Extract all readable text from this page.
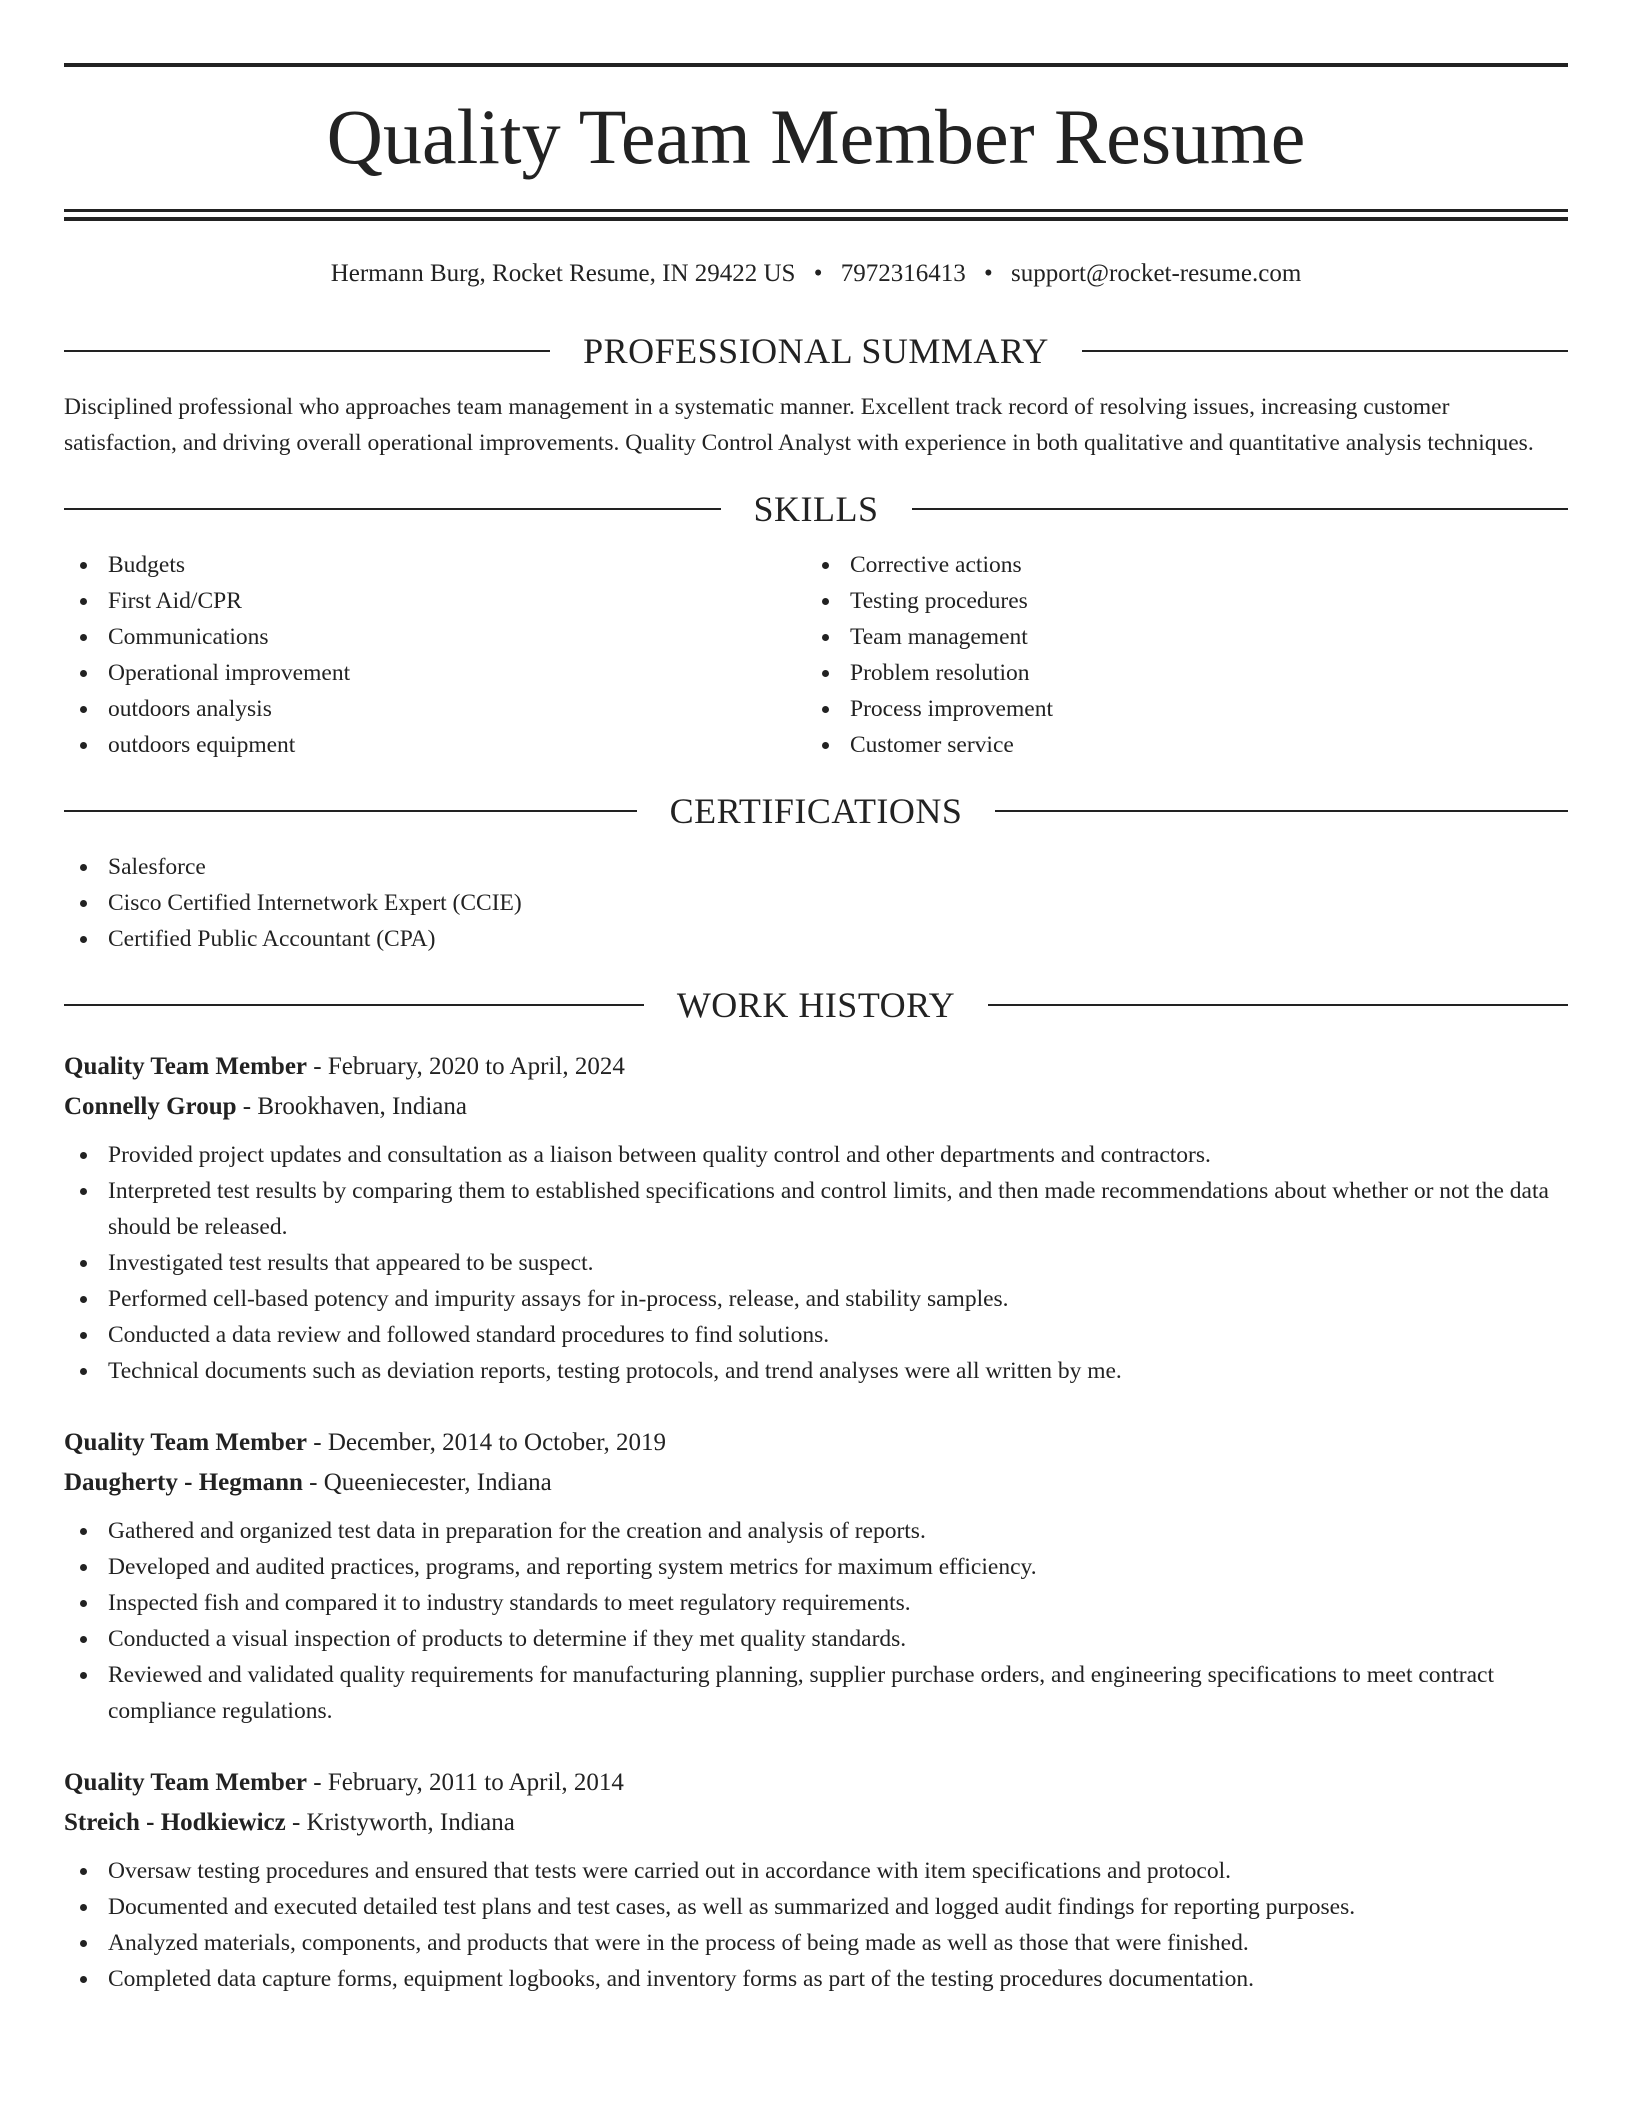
Quality Team Member Resume
Hermann Burg, Rocket Resume, IN 29422 US • 7972316413 • support@rocket-resume.com
PROFESSIONAL SUMMARY

Disciplined professional who approaches team management in a systematic manner. Excellent track record of resolving issues, increasing customer satisfaction, and driving overall operational improvements. Quality Control Analyst with experience in both qualitative and quantitative analysis techniques.

SKILLS
Budgets
First Aid/CPR
Communications
Operational improvement
outdoors analysis
outdoors equipment
Corrective actions
Testing procedures
Team management
Problem resolution
Process improvement
Customer service
CERTIFICATIONS
Salesforce
Cisco Certified Internetwork Expert (CCIE)
Certified Public Accountant (CPA)
WORK HISTORY
Quality Team Member - February, 2020 to April, 2024
Connelly Group - Brookhaven, Indiana
Provided project updates and consultation as a liaison between quality control and other departments and contractors.
Interpreted test results by comparing them to established specifications and control limits, and then made recommendations about whether or not the data should be released.
Investigated test results that appeared to be suspect.
Performed cell-based potency and impurity assays for in-process, release, and stability samples.
Conducted a data review and followed standard procedures to find solutions.
Technical documents such as deviation reports, testing protocols, and trend analyses were all written by me.
Quality Team Member - December, 2014 to October, 2019
Daugherty - Hegmann - Queeniecester, Indiana
Gathered and organized test data in preparation for the creation and analysis of reports.
Developed and audited practices, programs, and reporting system metrics for maximum efficiency.
Inspected fish and compared it to industry standards to meet regulatory requirements.
Conducted a visual inspection of products to determine if they met quality standards.
Reviewed and validated quality requirements for manufacturing planning, supplier purchase orders, and engineering specifications to meet contract compliance regulations.
Quality Team Member - February, 2011 to April, 2014
Streich - Hodkiewicz - Kristyworth, Indiana
Oversaw testing procedures and ensured that tests were carried out in accordance with item specifications and protocol.
Documented and executed detailed test plans and test cases, as well as summarized and logged audit findings for reporting purposes.
Analyzed materials, components, and products that were in the process of being made as well as those that were finished.
Completed data capture forms, equipment logbooks, and inventory forms as part of the testing procedures documentation.
